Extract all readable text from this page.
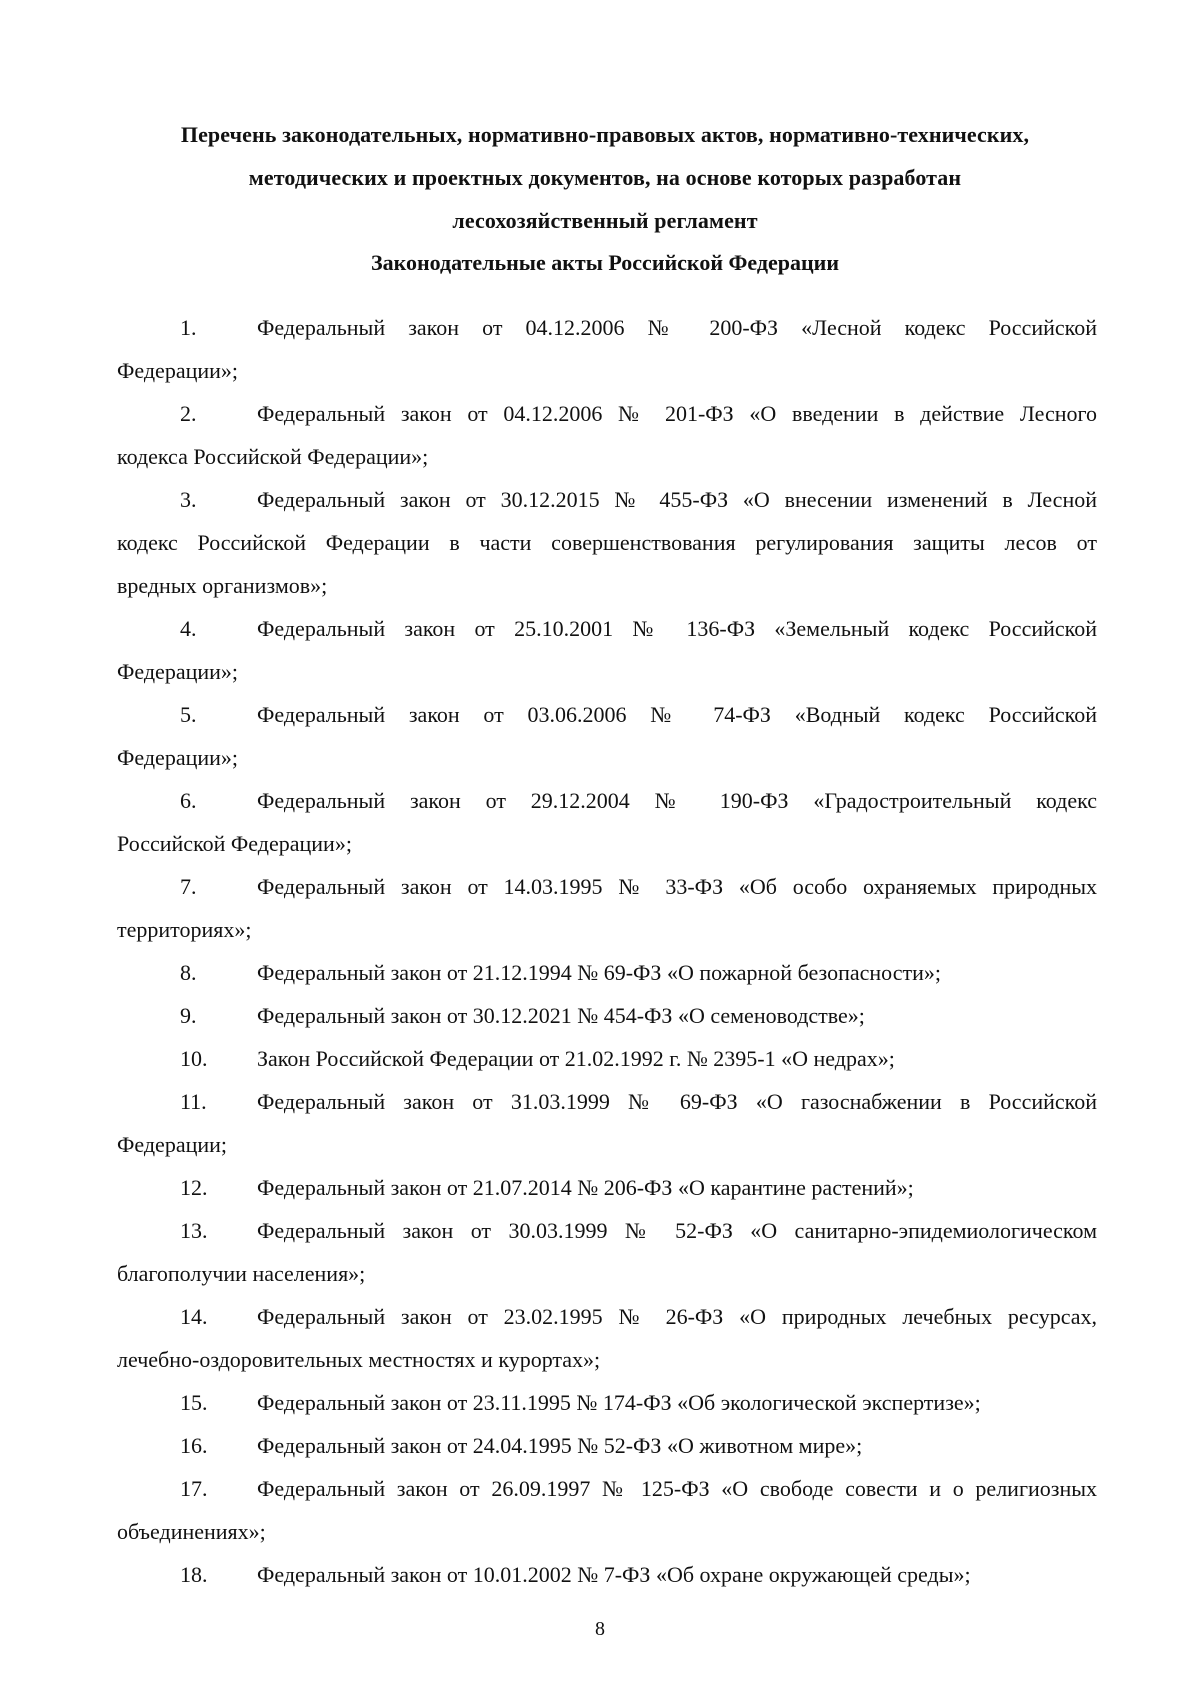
Перечень законодательных, нормативно-правовых актов, нормативно-технических,
методических и проектных документов, на основе которых разработан
лесохозяйственный регламент
Законодательные акты Российской Федерации
1.	Федеральный закон от 04.12.2006 № 200-ФЗ «Лесной кодекс Российской
Федерации»;
2.	Федеральный закон от 04.12.2006 № 201-ФЗ «О введении в действие Лесного
кодекса Российской Федерации»;
3.	Федеральный закон от 30.12.2015 № 455-ФЗ «О внесении изменений в Лесной
кодекс Российской Федерации в части совершенствования регулирования защиты лесов от
вредных организмов»;
4.	Федеральный закон от 25.10.2001 № 136-ФЗ «Земельный кодекс Российской
Федерации»;
5.	Федеральный закон от 03.06.2006 № 74-ФЗ «Водный кодекс Российской
Федерации»;
6.	Федеральный закон от 29.12.2004 № 190-ФЗ «Градостроительный кодекс
Российской Федерации»;
7.	Федеральный закон от 14.03.1995 № 33-ФЗ «Об особо охраняемых природных
территориях»;
8.	Федеральный закон от 21.12.1994 № 69-ФЗ «О пожарной безопасности»;
9.	Федеральный закон от 30.12.2021 № 454-ФЗ «О семеноводстве»;
10.	Закон Российской Федерации от 21.02.1992 г. № 2395-1 «О недрах»;
11.	Федеральный закон от 31.03.1999 № 69-ФЗ «О газоснабжении в Российской
Федерации;
12.	Федеральный закон от 21.07.2014 № 206-ФЗ «О карантине растений»;
13.	Федеральный закон от 30.03.1999 № 52-ФЗ «О санитарно-эпидемиологическом
благополучии населения»;
14.	Федеральный закон от 23.02.1995 № 26-ФЗ «О природных лечебных ресурсах,
лечебно-оздоровительных местностях и курортах»;
15.	Федеральный закон от 23.11.1995 № 174-ФЗ «Об экологической экспертизе»;
16.	Федеральный закон от 24.04.1995 № 52-ФЗ «О животном мире»;
17.	Федеральный закон от 26.09.1997 № 125-ФЗ «О свободе совести и о религиозных
объединениях»;
18.	Федеральный закон от 10.01.2002 № 7-ФЗ «Об охране окружающей среды»;
8
